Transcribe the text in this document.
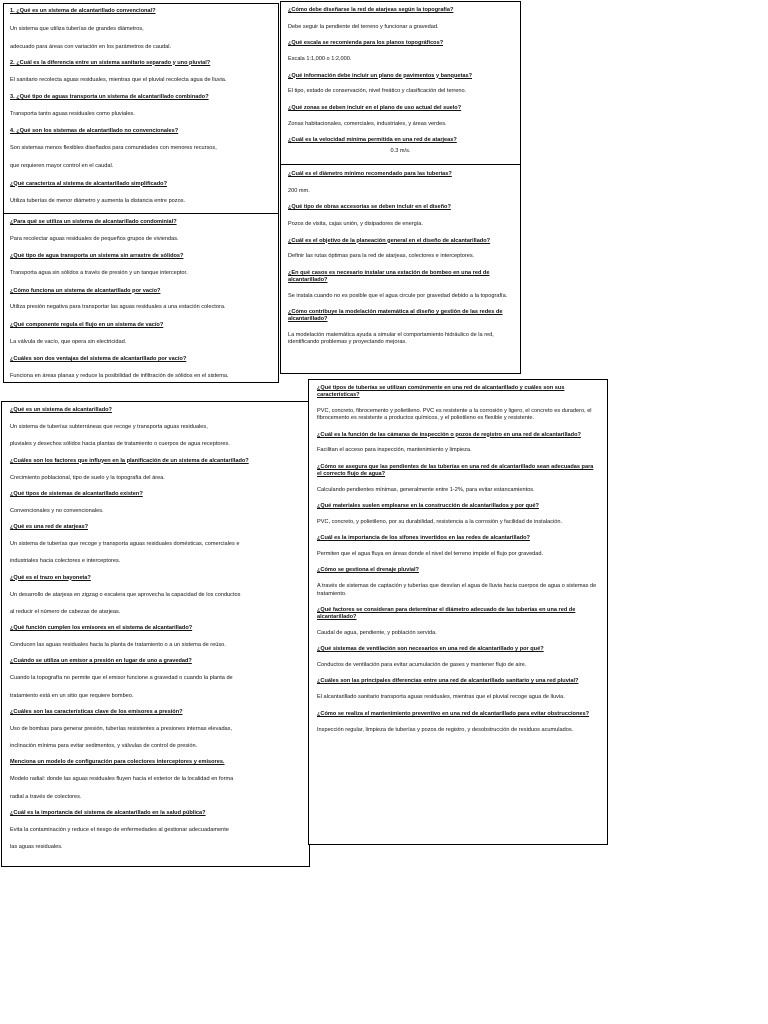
1. ¿Qué es un sistema de alcantarillado convencional?

Un sistema que utiliza tuberías de grandes diámetros,

adecuado para áreas con variación en los parámetros de caudal.

2. ¿Cuál es la diferencia entre un sistema sanitario separado y uno pluvial?

El sanitario recolecta aguas residuales, mientras que el pluvial recolecta agua de lluvia.

3. ¿Qué tipo de aguas transporta un sistema de alcantarillado combinado?

Transporta tanto aguas residuales como pluviales.

4. ¿Qué son los sistemas de alcantarillado no convencionales?

Son sistemas menos flexibles diseñados para comunidades con menores recursos,

que requieren mayor control en el caudal.

¿Qué caracteriza al sistema de alcantarillado simplificado?

Utiliza tuberías de menor diámetro y aumenta la distancia entre pozos.

¿Para qué se utiliza un sistema de alcantarillado condominial?

Para recolectar aguas residuales de pequeños grupos de viviendas.

¿Qué tipo de agua transporta un sistema sin arrastre de sólidos?

Transporta agua sin sólidos a través de presión y un tanque interceptor.

¿Cómo funciona un sistema de alcantarillado por vacío?

Utiliza presión negativa para transportar las aguas residuales a una estación colectora.

¿Qué componente regula el flujo en un sistema de vacío?

La válvula de vacío, que opera sin electricidad.

¿Cuáles son dos ventajas del sistema de alcantarillado por vacío?

Funciona en áreas planas y reduce la posibilidad de infiltración de sólidos en el sistema.

¿Cómo debe diseñarse la red de atarjeas según la topografía?

Debe seguir la pendiente del terreno y funcionar a gravedad.

¿Qué escala se recomienda para los planos topográficos?

Escala 1:1,000 o 1:2,000.

¿Qué información debe incluir un plano de pavimentos y banquetas?

El tipo, estado de conservación, nivel freático y clasificación del terreno.

¿Qué zonas se deben incluir en el plano de uso actual del suelo?

Zonas habitacionales, comerciales, industriales, y áreas verdes.

¿Cuál es la velocidad mínima permitida en una red de atarjeas?

0.3 m/s.

¿Cuál es el diámetro mínimo recomendado para las tuberías?

200 mm.

¿Qué tipo de obras accesorias se deben incluir en el diseño?

Pozos de visita, cajas unión, y disipadores de energía.

¿Cuál es el objetivo de la planeación general en el diseño de alcantarillado?

Definir las rutas óptimas para la red de atarjeas, colectores e interceptores.

¿En qué casos es necesario instalar una estación de bombeo en una red de alcantarillado?

Se instala cuando no es posible que el agua circule por gravedad debido a la topografía.

¿Cómo contribuye la modelación matemática al diseño y gestión de las redes de alcantarillado?

La modelación matemática ayuda a simular el comportamiento hidráulico de la red, identificando problemas y proyectando mejoras.

¿Qué es un sistema de alcantarillado?

Un sistema de tuberías subterráneas que recoge y transporta aguas residuales,

pluviales y desechos sólidos hacia plantas de tratamiento o cuerpos de agua receptores.

¿Cuáles son los factores que influyen en la planificación de un sistema de alcantarillado?

Crecimiento poblacional, tipo de suelo y la topografía del área.

¿Qué tipos de sistemas de alcantarillado existen?

Convencionales y no convencionales.

¿Qué es una red de atarjeas?

Un sistema de tuberías que recoge y transporta aguas residuales domésticas, comerciales e

industriales hacia colectores e interceptores.

¿Qué es el trazo en bayoneta?

Un desarrollo de atarjeas en zigzag o escalera que aprovecha la capacidad de los conductos

al reducir el número de cabezas de atarjeas.

¿Qué función cumplen los emisores en el sistema de alcantarillado?

Conducen las aguas residuales hacia la planta de tratamiento o a un sistema de reúso.

¿Cuándo se utiliza un emisor a presión en lugar de uno a gravedad?

Cuando la topografía no permite que el emisor funcione a gravedad o cuando la planta de

tratamiento está en un sitio que requiere bombeo.

¿Cuáles son las características clave de los emisores a presión?

Uso de bombas para generar presión, tuberías resistentes a presiones internas elevadas,

inclinación mínima para evitar sedimentos, y válvulas de control de presión.

Menciona un modelo de configuración para colectores interceptores y emisores.

Modelo radial: donde las aguas residuales fluyen hacia el exterior de la localidad en forma

radial a través de colectores.

¿Cuál es la importancia del sistema de alcantarillado en la salud pública?

Evita la contaminación y reduce el riesgo de enfermedades al gestionar adecuadamente

las aguas residuales.

¿Qué tipos de tuberías se utilizan comúnmente en una red de alcantarillado y cuáles son sus características?

PVC, concreto, fibrocemento y polietileno. PVC es resistente a la corrosión y ligero, el concreto es duradero, el fibrocemento es resistente a productos químicos, y el polietileno es flexible y resistente.

¿Cuál es la función de las cámaras de inspección o pozos de registro en una red de alcantarillado?

Facilitan el acceso para inspección, mantenimiento y limpieza.

¿Cómo se asegura que las pendientes de las tuberías en una red de alcantarillado sean adecuadas para el correcto flujo de agua?

Calculando pendientes mínimas, generalmente entre 1-2%, para evitar estancamientos.

¿Qué materiales suelen emplearse en la construcción de alcantarillados y por qué?

PVC, concreto, y polietileno, por su durabilidad, resistencia a la corrosión y facilidad de instalación.

¿Cuál es la importancia de los sifones invertidos en las redes de alcantarillado?

Permiten que el agua fluya en áreas donde el nivel del terreno impide el flujo por gravedad.

¿Cómo se gestiona el drenaje pluvial?

A través de sistemas de captación y tuberías que desvían el agua de lluvia hacia cuerpos de agua o sistemas de tratamiento.

¿Qué factores se consideran para determinar el diámetro adecuado de las tuberías en una red de alcantarillado?

Caudal de agua, pendiente, y población servida.

¿Qué sistemas de ventilación son necesarios en una red de alcantarillado y por qué?

Conductos de ventilación para evitar acumulación de gases y mantener flujo de aire.

¿Cuáles son las principales diferencias entre una red de alcantarillado sanitario y una red pluvial?

El alcantarillado sanitario transporta aguas residuales, mientras que el pluvial recoge agua de lluvia.

¿Cómo se realiza el mantenimiento preventivo en una red de alcantarillado para evitar obstrucciones?

Inspección regular, limpieza de tuberías y pozos de registro, y desobstrucción de residuos acumulados.
